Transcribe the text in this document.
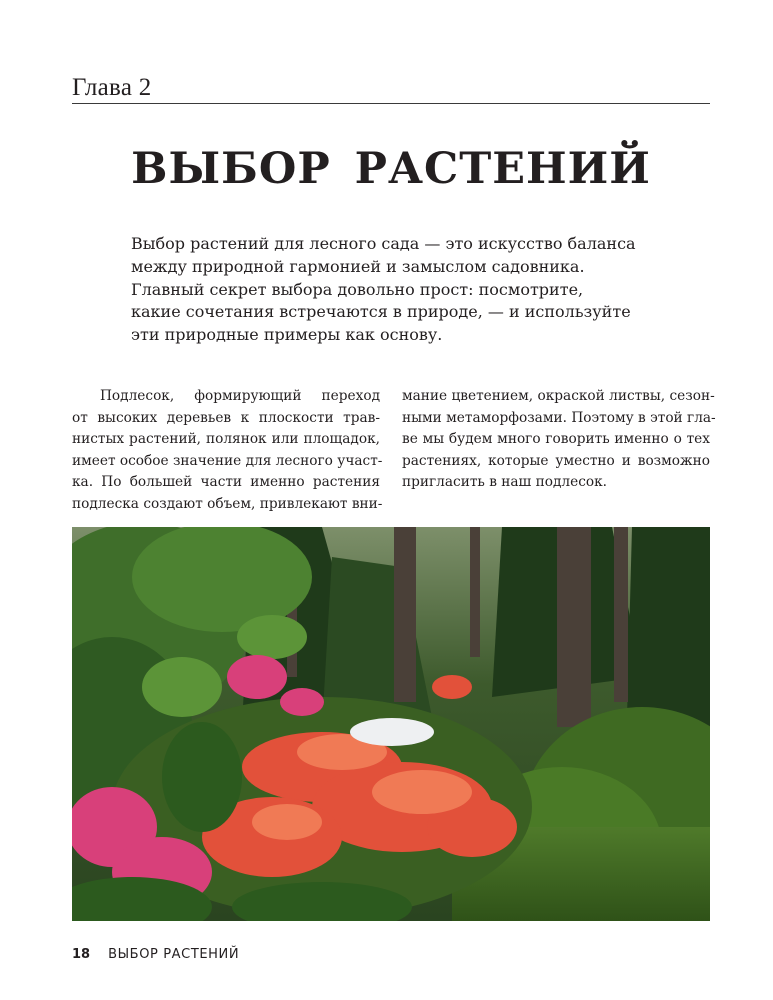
Глава 2
ВЫБОР РАСТЕНИЙ

Выбор растений для лесного сада — это искусство баланса

между природной гармонией и замыслом садовника.

Главный секрет выбора довольно прост: посмотрите,

какие сочетания встречаются в природе, — и используйте

эти природные примеры как основу.

Подлесок, формирующий переход

от высоких деревьев к плоскости трав-

нистых растений, полянок или площадок,

имеет особое значение для лесного участ-

ка. По большей части именно растения

подлеска создают объем, привлекают вни-

мание цветением, окраской листвы, сезон-

ными метаморфозами. Поэтому в этой гла-

ве мы будем много говорить именно о тех

растениях, которые уместно и возможно

пригласить в наш подлесок.

18 ВЫБОР РАСТЕНИЙ
